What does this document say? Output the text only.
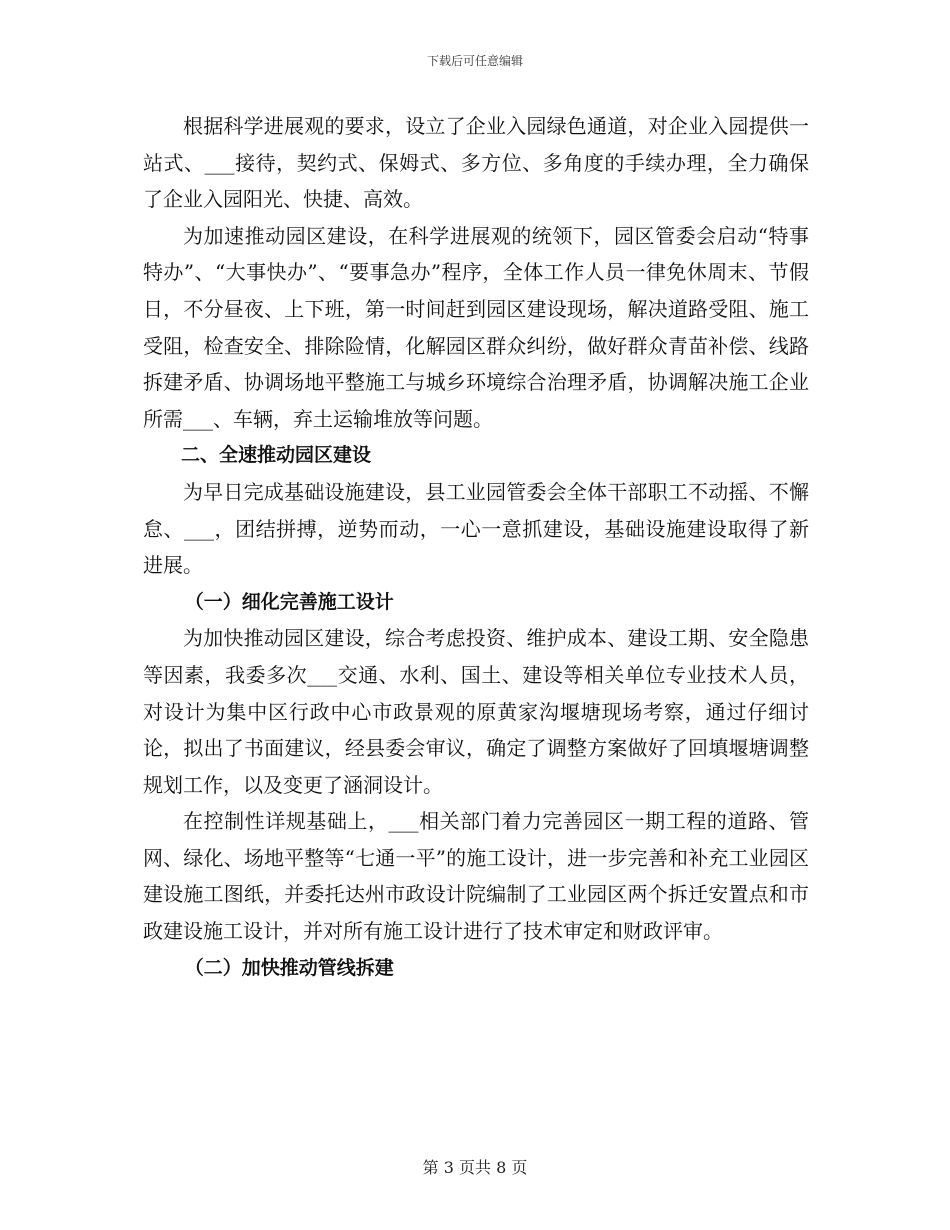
下载后可任意编辑

根据科学进展观的要求，设立了企业入园绿色通道，对企业入园提供一站式、___接待，契约式、保姆式、多方位、多角度的手续办理，全力确保了企业入园阳光、快捷、高效。

为加速推动园区建设，在科学进展观的统领下，园区管委会启动“特事特办”、“大事快办”、“要事急办”程序，全体工作人员一律免休周末、节假日，不分昼夜、上下班，第一时间赶到园区建设现场，解决道路受阻、施工受阻，检查安全、排除险情，化解园区群众纠纷，做好群众青苗补偿、线路拆建矛盾、协调场地平整施工与城乡环境综合治理矛盾，协调解决施工企业所需___、车辆，弃土运输堆放等问题。

二、全速推动园区建设

为早日完成基础设施建设，县工业园管委会全体干部职工不动摇、不懈怠、___，团结拼搏，逆势而动，一心一意抓建设，基础设施建设取得了新进展。

（一）细化完善施工设计

为加快推动园区建设，综合考虑投资、维护成本、建设工期、安全隐患等因素，我委多次___交通、水利、国土、建设等相关单位专业技术人员，对设计为集中区行政中心市政景观的原黄家沟堰塘现场考察，通过仔细讨论，拟出了书面建议，经县委会审议，确定了调整方案做好了回填堰塘调整规划工作，以及变更了涵洞设计。

在控制性详规基础上，___相关部门着力完善园区一期工程的道路、管网、绿化、场地平整等“七通一平”的施工设计，进一步完善和补充工业园区建设施工图纸，并委托达州市政设计院编制了工业园区两个拆迁安置点和市政建设施工设计，并对所有施工设计进行了技术审定和财政评审。

（二）加快推动管线拆建

第 3 页共 8 页
